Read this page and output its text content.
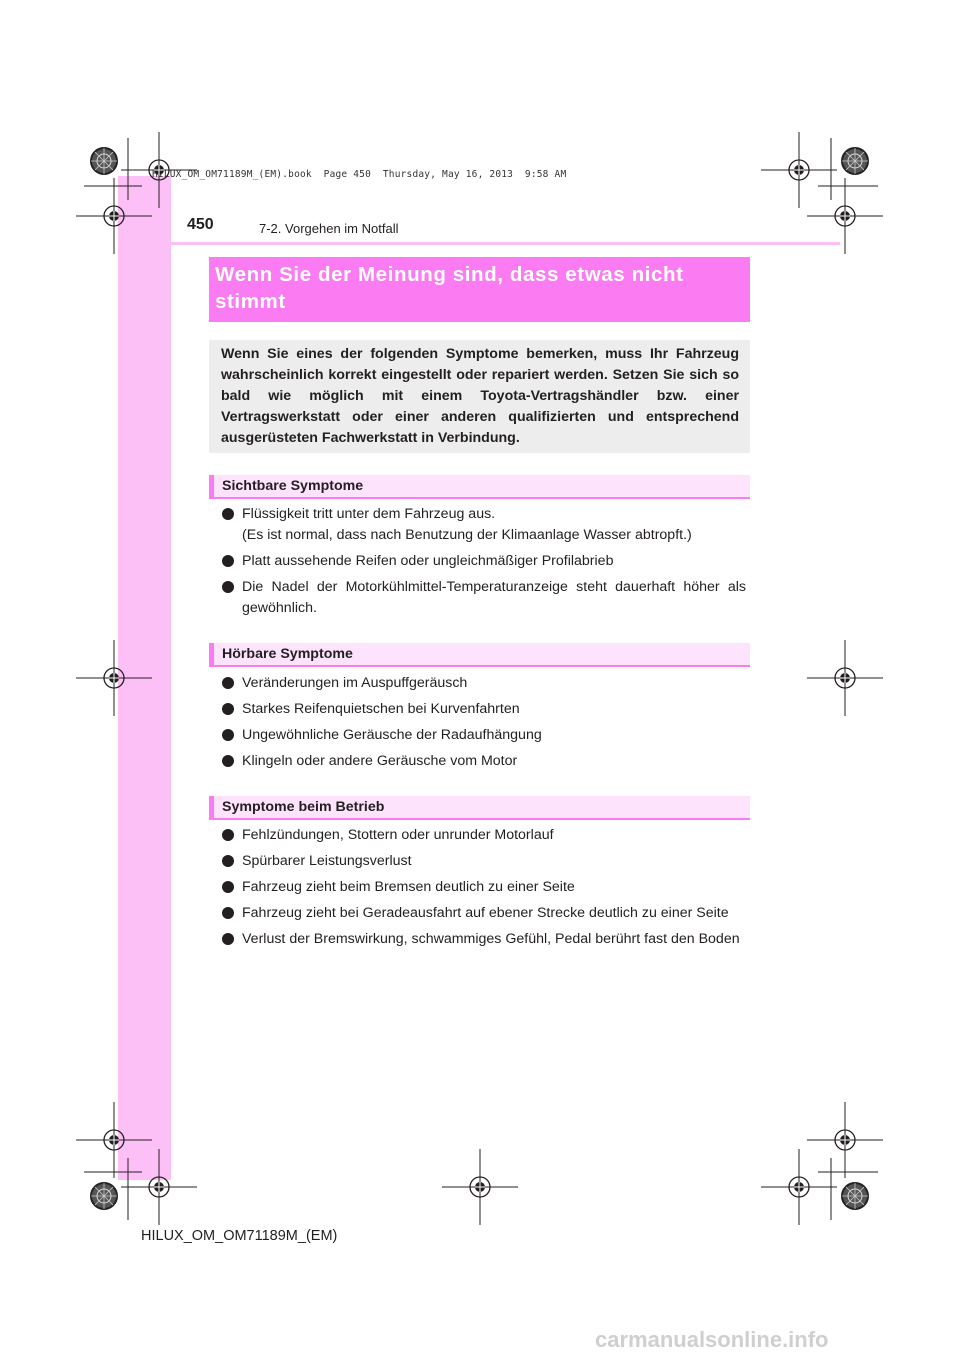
HILUX_OM_OM71189M_(EM).book  Page 450  Thursday, May 16, 2013  9:58 AM
450	7-2. Vorgehen im Notfall
Wenn Sie der Meinung sind, dass etwas nicht
stimmt

Wenn Sie eines der folgenden Symptome bemerken, muss Ihr Fahrzeug wahrscheinlich korrekt eingestellt oder repariert werden. Setzen Sie sich so bald wie möglich mit einem Toyota-Vertragshändler bzw. einer Vertragswerkstatt oder einer anderen qualifizierten und entsprechend ausgerüsteten Fachwerkstatt in Verbindung.

Sichtbare Symptome
Flüssigkeit tritt unter dem Fahrzeug aus.
(Es ist normal, dass nach Benutzung der Klimaanlage Wasser abtropft.)
Platt aussehende Reifen oder ungleichmäßiger Profilabrieb
Die Nadel der Motorkühlmittel-Temperaturanzeige steht dauerhaft höher als gewöhnlich.
Hörbare Symptome
Veränderungen im Auspuffgeräusch
Starkes Reifenquietschen bei Kurvenfahrten
Ungewöhnliche Geräusche der Radaufhängung
Klingeln oder andere Geräusche vom Motor
Symptome beim Betrieb
Fehlzündungen, Stottern oder unrunder Motorlauf
Spürbarer Leistungsverlust
Fahrzeug zieht beim Bremsen deutlich zu einer Seite
Fahrzeug zieht bei Geradeausfahrt auf ebener Strecke deutlich zu einer Seite
Verlust der Bremswirkung, schwammiges Gefühl, Pedal berührt fast den Boden
HILUX_OM_OM71189M_(EM)
carmanualsonline.info
